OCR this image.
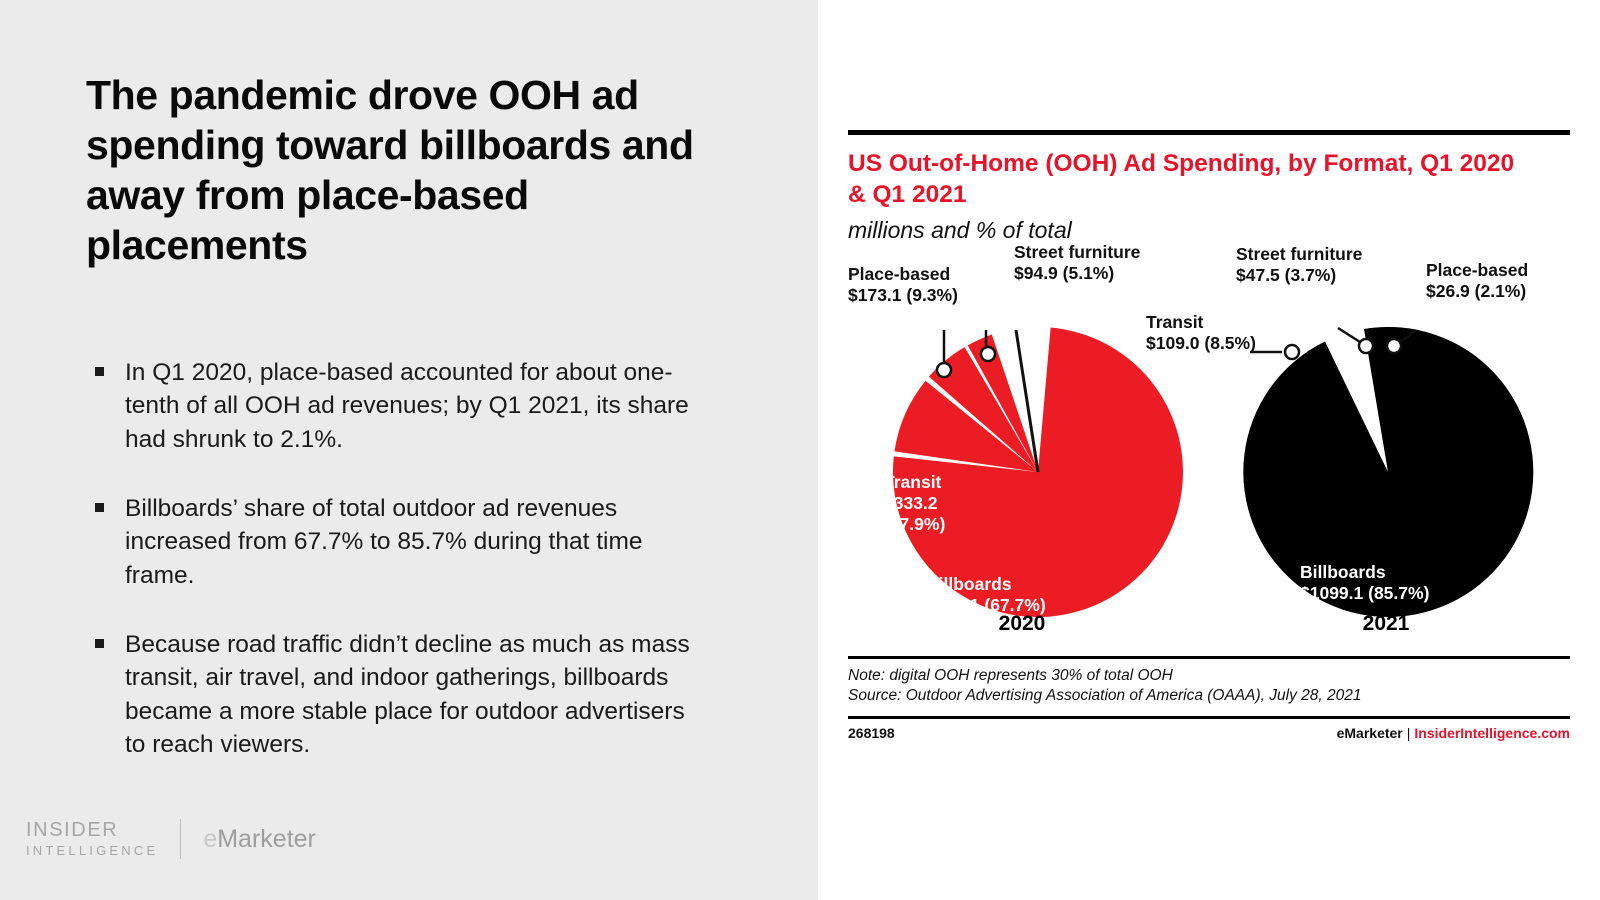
The pandemic drove OOH ad spending toward billboards and away from place-based placements
In Q1 2020, place-based accounted for about one-tenth of all OOH ad revenues; by Q1 2021, its share had shrunk to 2.1%.
Billboards’ share of total outdoor ad revenues increased from 67.7% to 85.7% during that time frame.
Because road traffic didn’t decline as much as mass transit, air travel, and indoor gatherings, billboards became a more stable place for outdoor advertisers to reach viewers.
INSIDER
INTELLIGENCE eMarketer
US Out-of-Home (OOH) Ad Spending, by Format, Q1 2020 & Q1 2021
millions and % of total
Place-based
$173.1 (9.3%)
Street furniture
$94.9 (5.1%)
Transit
$109.0 (8.5%)
Street furniture
$47.5 (3.7%)	Place-based
$26.9 (2.1%)
Transit
$333.2
(17.9%)
Billboards
1260.1 (67.7%)
Billboards
$1099.1 (85.7%)
2020	2021
Note: digital OOH represents 30% of total OOH
Source: Outdoor Advertising Association of America (OAAA), July 28, 2021
268198	eMarketer | InsiderIntelligence.com
